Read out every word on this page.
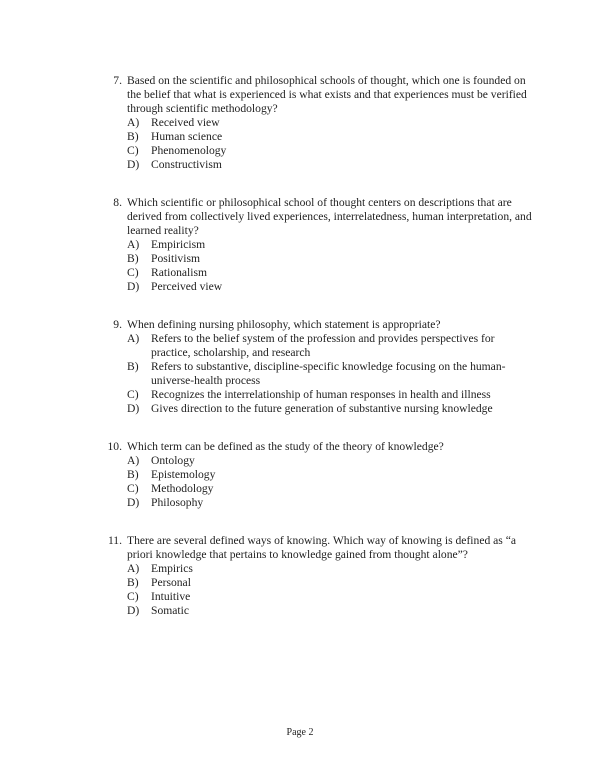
7. Based on the scientific and philosophical schools of thought, which one is founded on the belief that what is experienced is what exists and that experiences must be verified through scientific methodology?
A)	Received view
B)	Human science
C)	Phenomenology
D)	Constructivism
8. Which scientific or philosophical school of thought centers on descriptions that are derived from collectively lived experiences, interrelatedness, human interpretation, and learned reality?
A)	Empiricism
B)	Positivism
C)	Rationalism
D)	Perceived view
9. When defining nursing philosophy, which statement is appropriate?
A)	Refers to the belief system of the profession and provides perspectives for practice, scholarship, and research
B)	Refers to substantive, discipline-specific knowledge focusing on the human-universe-health process
C)	Recognizes the interrelationship of human responses in health and illness
D)	Gives direction to the future generation of substantive nursing knowledge
10. Which term can be defined as the study of the theory of knowledge?
A)	Ontology
B)	Epistemology
C)	Methodology
D)	Philosophy
11. There are several defined ways of knowing. Which way of knowing is defined as “a priori knowledge that pertains to knowledge gained from thought alone”?
A)	Empirics
B)	Personal
C)	Intuitive
D)	Somatic
Page 2
